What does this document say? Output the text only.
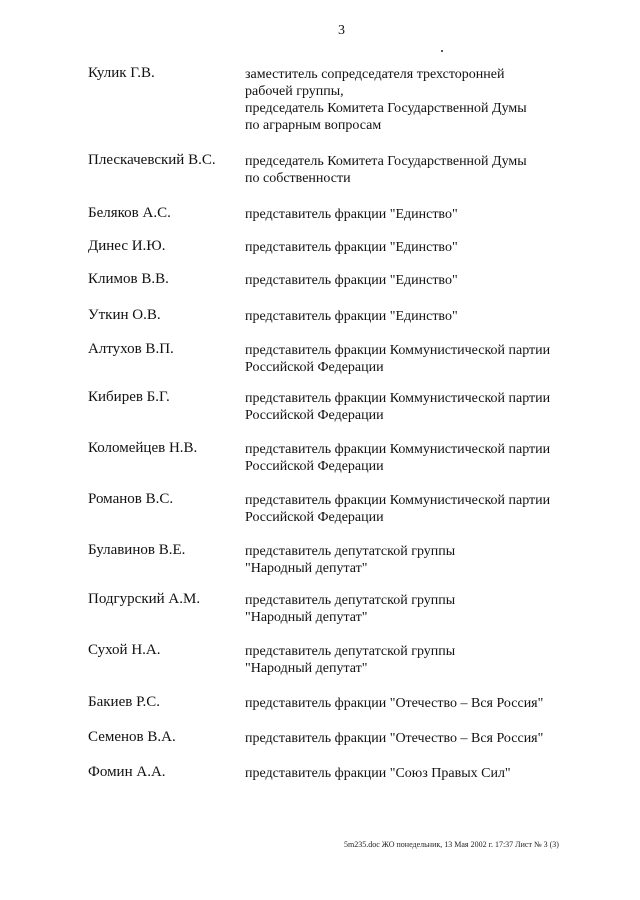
3
Кулик Г.В.	заместитель сопредседателя трехсторонней
рабочей группы,
председатель Комитета Государственной Думы
по аграрным вопросам
Плескачевский В.С.	председатель Комитета Государственной Думы
по собственности
Беляков А.С.	представитель фракции "Единство"
Динес И.Ю.	представитель фракции "Единство"
Климов В.В.	представитель фракции "Единство"
Уткин О.В.	представитель фракции "Единство"
Алтухов В.П.	представитель фракции Коммунистической партии
Российской Федерации
Кибирев Б.Г.	представитель фракции Коммунистической партии
Российской Федерации
Коломейцев Н.В.	представитель фракции Коммунистической партии
Российской Федерации
Романов В.С.	представитель фракции Коммунистической партии
Российской Федерации
Булавинов В.Е.	представитель депутатской группы
"Народный депутат"
Подгурский А.М.	представитель депутатской группы
"Народный депутат"
Сухой Н.А.	представитель депутатской группы
"Народный депутат"
Бакиев Р.С.	представитель фракции "Отечество – Вся Россия"
Семенов В.А.	представитель фракции "Отечество – Вся Россия"
Фомин А.А.	представитель фракции "Союз Правых Сил"
5m235.doc ЖО понедельник, 13 Мая 2002 г. 17:37 Лист № 3 (3)
